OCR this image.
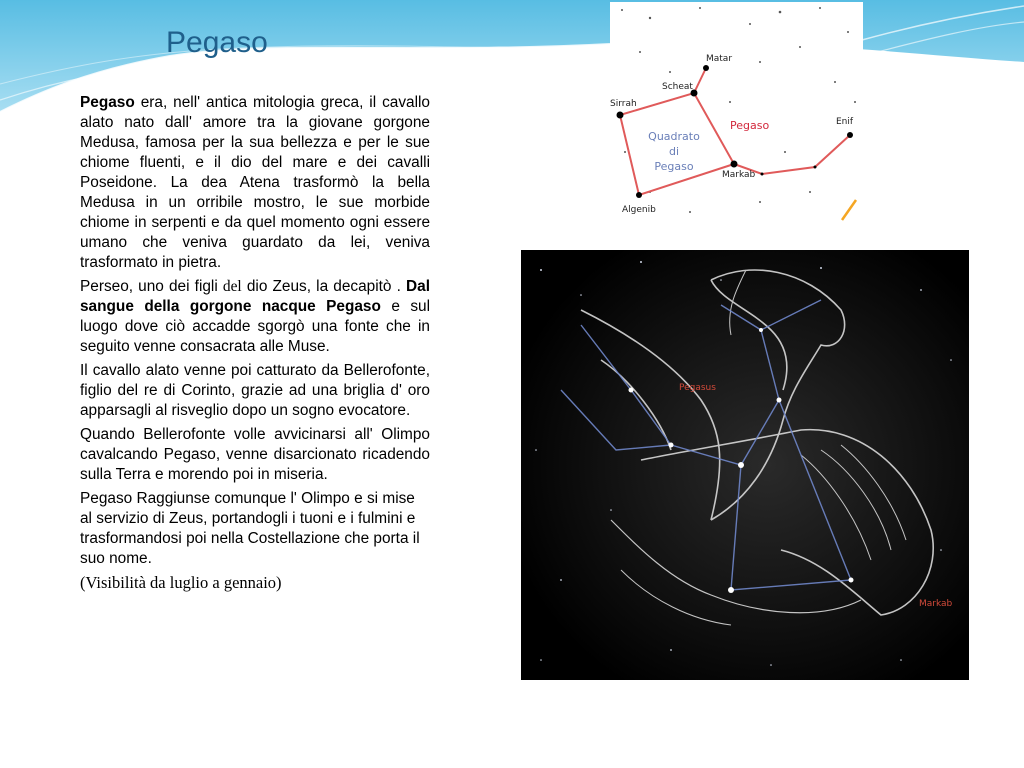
Pegaso

Pegaso era, nell' antica mitologia greca, il cavallo alato nato dall' amore tra la giovane gorgone Medusa, famosa per la sua bellezza e per le sue chiome fluenti, e il dio del mare e dei cavalli Poseidone. La dea Atena trasformò la bella Medusa in un orribile mostro, le sue morbide chiome in serpenti e da quel momento ogni essere umano che veniva guardato da lei, veniva trasformato in pietra.

Perseo, uno dei figli del dio Zeus, la decapitò . Dal sangue della gorgone nacque Pegaso e sul luogo dove ciò accadde sgorgò una fonte che in seguito venne consacrata alle Muse.

Il cavallo alato venne poi catturato da Bellerofonte, figlio del re di Corinto, grazie ad una briglia d' oro apparsagli al risveglio dopo un sogno evocatore.

Quando Bellerofonte volle avvicinarsi all' Olimpo cavalcando Pegaso, venne disarcionato ricadendo sulla Terra e morendo poi in miseria.

Pegaso Raggiunse comunque l' Olimpo e si mise al servizio di Zeus, portandogli i tuoni e i fulmini e trasformandosi poi nella Costellazione che porta il suo nome.

(Visibilità da luglio a gennaio)

Matar
Scheat
Sirrah
Pegaso	Enif
Markab
Algenib
Quadrato
di
Pegaso
Pegasus
Markab
